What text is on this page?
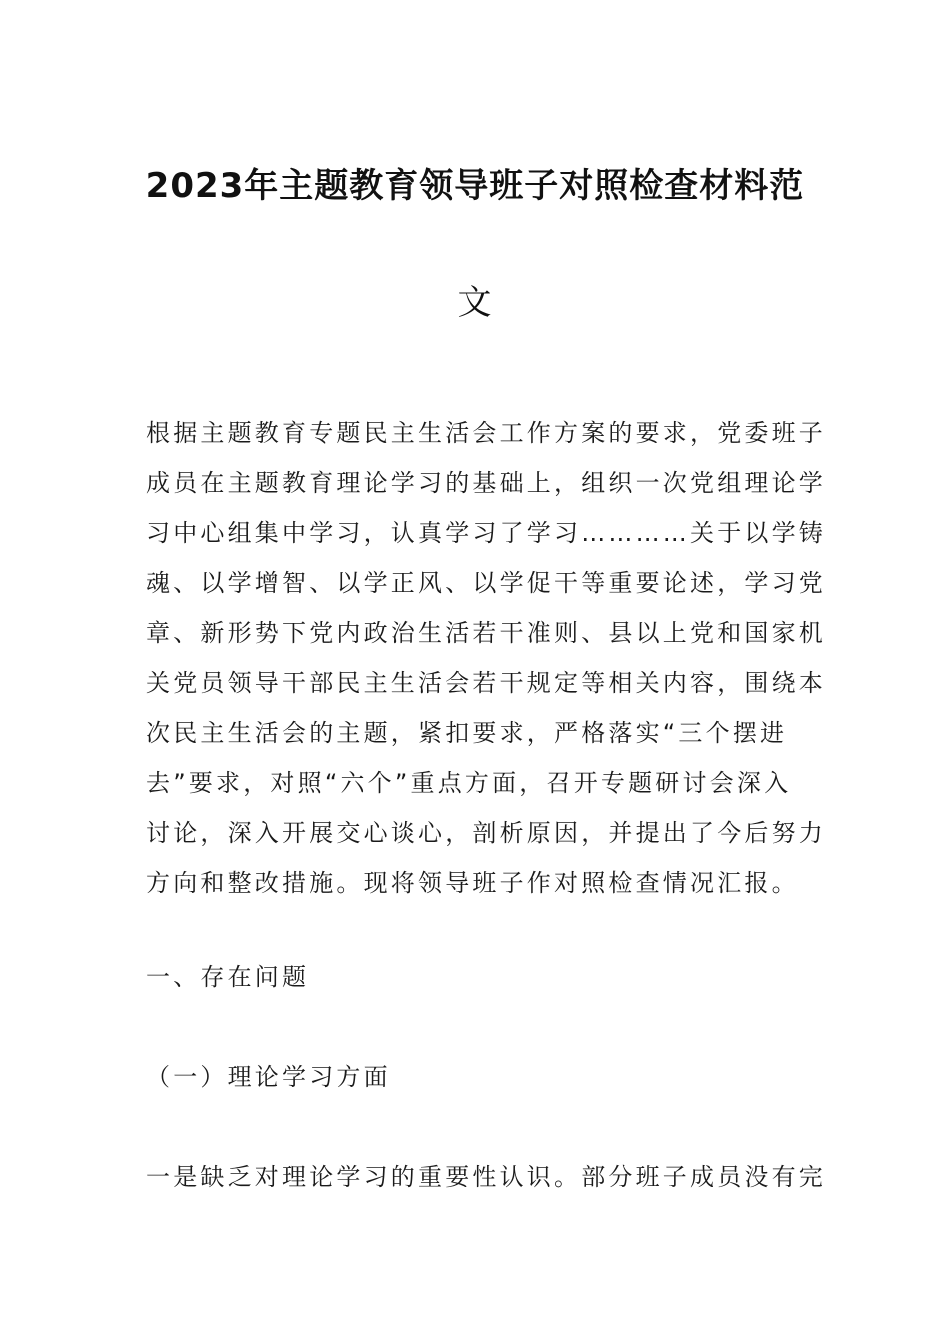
2023年主题教育领导班子对照检查材料范
文
根据主题教育专题民主生活会工作方案的要求，党委班子
成员在主题教育理论学习的基础上，组织一次党组理论学
习中心组集中学习，认真学习了学习…………关于以学铸
魂、以学增智、以学正风、以学促干等重要论述，学习党
章、新形势下党内政治生活若干准则、县以上党和国家机
关党员领导干部民主生活会若干规定等相关内容，围绕本
次民主生活会的主题，紧扣要求，严格落实“三个摆进
去”要求，对照“六个”重点方面，召开专题研讨会深入
讨论，深入开展交心谈心，剖析原因，并提出了今后努力
方向和整改措施。现将领导班子作对照检查情况汇报。
一、存在问题
（一）理论学习方面
一是缺乏对理论学习的重要性认识。部分班子成员没有完
